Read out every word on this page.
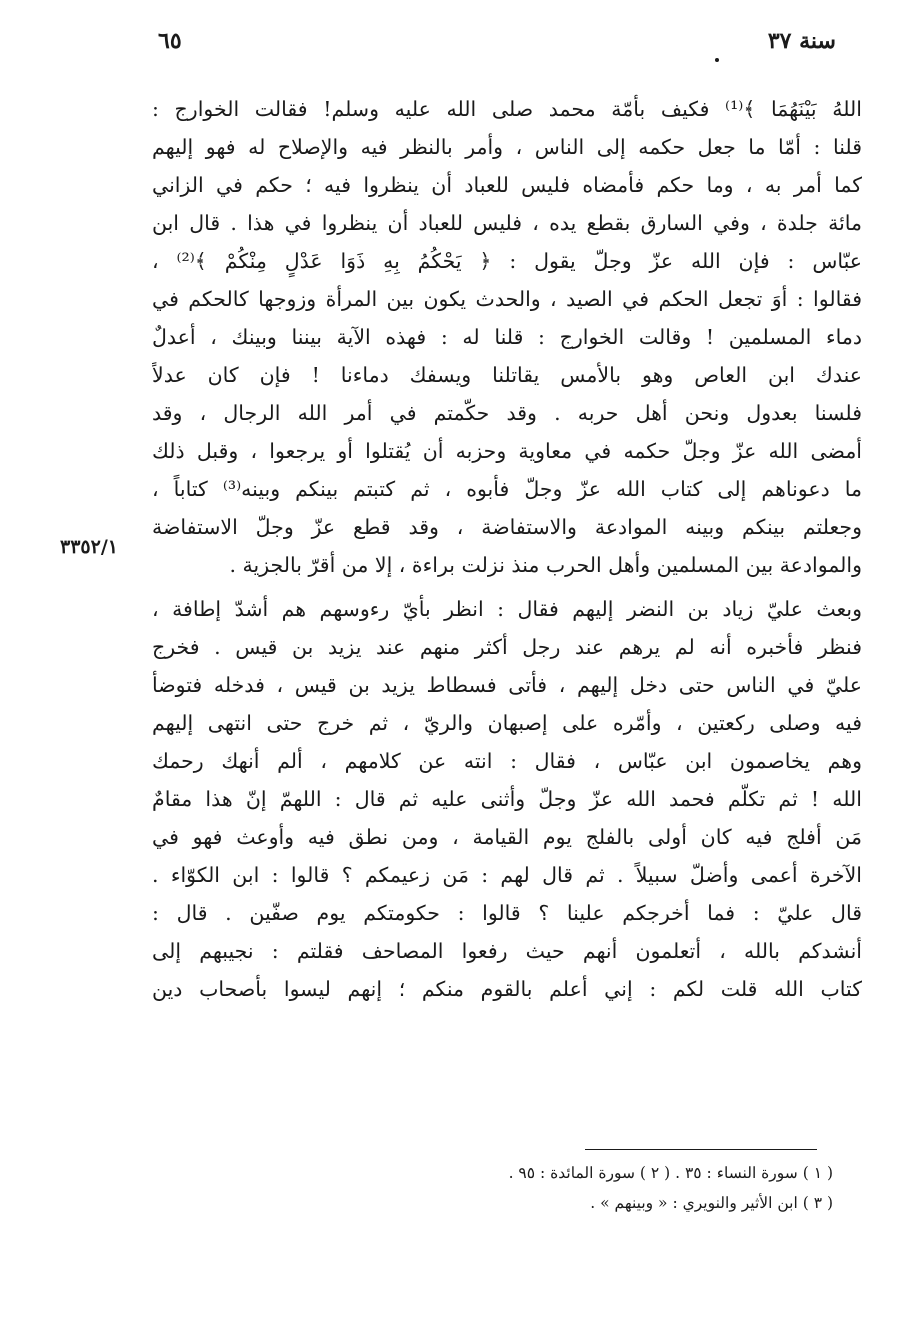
٦٥	سنة ٣٧
٣٣٥٢/١
اللهُ بَيْنَهُمَا ﴾⁽¹⁾ فكيف بأمّة محمد صلى الله عليه وسلم! فقالت الخوارج :
قلنا : أمّا ما جعل حكمه إلى الناس ، وأمر بالنظر فيه والإصلاح له فهو إليهم
كما أمر به ، وما حكم فأمضاه فليس للعباد أن ينظروا فيه ؛ حكم في الزاني
مائة جلدة ، وفي السارق بقطع يده ، فليس للعباد أن ينظروا في هذا . قال ابن
عبّاس : فإن الله عزّ وجلّ يقول : ﴿ يَحْكُمُ بِهِ ذَوَا عَدْلٍ مِنْكُمْ ﴾⁽²⁾ ،
فقالوا : أوَ تجعل الحكم في الصيد ، والحدث يكون بين المرأة وزوجها كالحكم في
دماء المسلمين ! وقالت الخوارج : قلنا له : فهذه الآية بيننا وبينك ، أعدلٌ
عندك ابن العاص وهو بالأمس يقاتلنا ويسفك دماءنا ! فإن كان عدلاً
فلسنا بعدول ونحن أهل حربه . وقد حكّمتم في أمر الله الرجال ، وقد
أمضى الله عزّ وجلّ حكمه في معاوية وحزبه أن يُقتلوا أو يرجعوا ، وقبل ذلك
ما دعوناهم إلى كتاب الله عزّ وجلّ فأبوه ، ثم كتبتم بينكم وبينه⁽³⁾ كتاباً ،
وجعلتم بينكم وبينه الموادعة والاستفاضة ، وقد قطع عزّ وجلّ الاستفاضة
والموادعة بين المسلمين وأهل الحرب منذ نزلت براءة ، إلا من أقرّ بالجزية .
وبعث عليّ زياد بن النضر إليهم فقال : انظر بأيّ رءوسهم هم أشدّ إطافة ،
فنظر فأخبره أنه لم يرهم عند رجل أكثر منهم عند يزيد بن قيس . فخرج
عليّ في الناس حتى دخل إليهم ، فأتى فسطاط يزيد بن قيس ، فدخله فتوضأ
فيه وصلى ركعتين ، وأمّره على إصبهان والريّ ، ثم خرج حتى انتهى إليهم
وهم يخاصمون ابن عبّاس ، فقال : انته عن كلامهم ، ألم أنهك رحمك
الله ! ثم تكلّم فحمد الله عزّ وجلّ وأثنى عليه ثم قال : اللهمّ إنّ هذا مقامٌ
مَن أفلج فيه كان أولى بالفلج يوم القيامة ، ومن نطق فيه وأوعث فهو في
الآخرة أعمى وأضلّ سبيلاً . ثم قال لهم : مَن زعيمكم ؟ قالوا : ابن الكوّاء .
قال عليّ : فما أخرجكم علينا ؟ قالوا : حكومتكم يوم صفّين . قال :
أنشدكم بالله ، أتعلمون أنهم حيث رفعوا المصاحف فقلتم : نجيبهم إلى
كتاب الله قلت لكم : إني أعلم بالقوم منكم ؛ إنهم ليسوا بأصحاب دين
( ١ ) سورة النساء : ٣٥ . ( ٢ ) سورة المائدة : ٩٥ .
( ٣ ) ابن الأثير والنويري : « وبينهم » .
